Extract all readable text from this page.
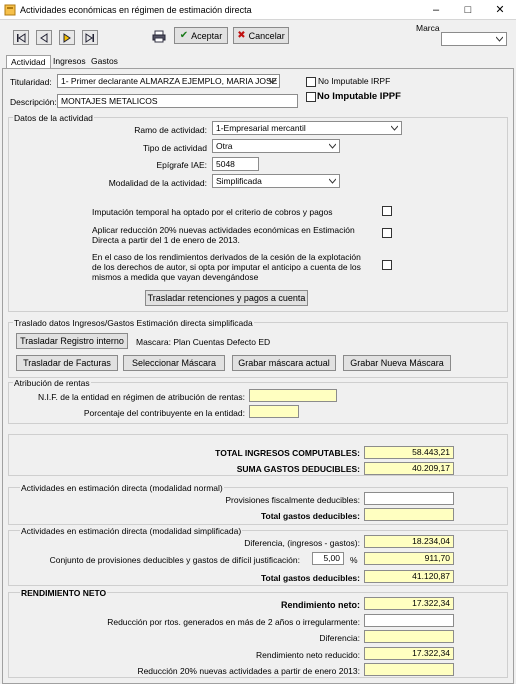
Actividades económicas en régimen de estimación directa	–	□	✕
✔ Aceptar ✖ Cancelar
Marca
Actividad Ingresos Gastos
Titularidad:	1- Primer declarante ALMARZA EJEMPLO, MARIA JOSE	No Imputable IRPF
Descripción: MONTAJES METALICOS	No Imputable IPPF
Datos de la actividad
Ramo de actividad:	1-Empresarial mercantil
Tipo de actividad	Otra
Epígrafe IAE:	5048
Modalidad de la actividad:	Simplificada
Imputación temporal ha optado por el criterio de cobros y pagos
Aplicar reducción 20% nuevas actividades económicas en Estimación Directa a partir del 1 de enero de 2013.
En el caso de los rendimientos derivados de la cesión de la explotación de los derechos de autor, si opta por imputar el anticipo a cuenta de los mismos a medida que vayan devengándose
Trasladar retenciones y pagos a cuenta
Traslado datos Ingresos/Gastos Estimación directa simplificada
Trasladar Registro interno	Mascara: Plan Cuentas Defecto ED
Trasladar de Facturas	Seleccionar Máscara	Grabar máscara actual	Grabar Nueva Máscara
Atribución de rentas
N.I.F. de la entidad en régimen de atribución de rentas:
Porcentaje del contribuyente en la entidad:
TOTAL INGRESOS COMPUTABLES:	58.443,21
SUMA GASTOS DEDUCIBLES:	40.209,17
Actividades en estimación directa (modalidad normal)
Provisiones fiscalmente deducibles:
Total gastos deducibles:
Actividades en estimación directa (modalidad simplificada)
Diferencia, (ingresos - gastos):	18.234,04
Conjunto de provisiones deducibles y gastos de difícil justificación:	5,00	%	911,70
Total gastos deducibles:	41.120,87
RENDIMIENTO NETO
Rendimiento neto:	17.322,34
Reducción por rtos. generados en más de 2 años o irregularmente:
Diferencia:
Rendimiento neto reducido:	17.322,34
Reducción 20% nuevas actividades a partir de enero 2013:
